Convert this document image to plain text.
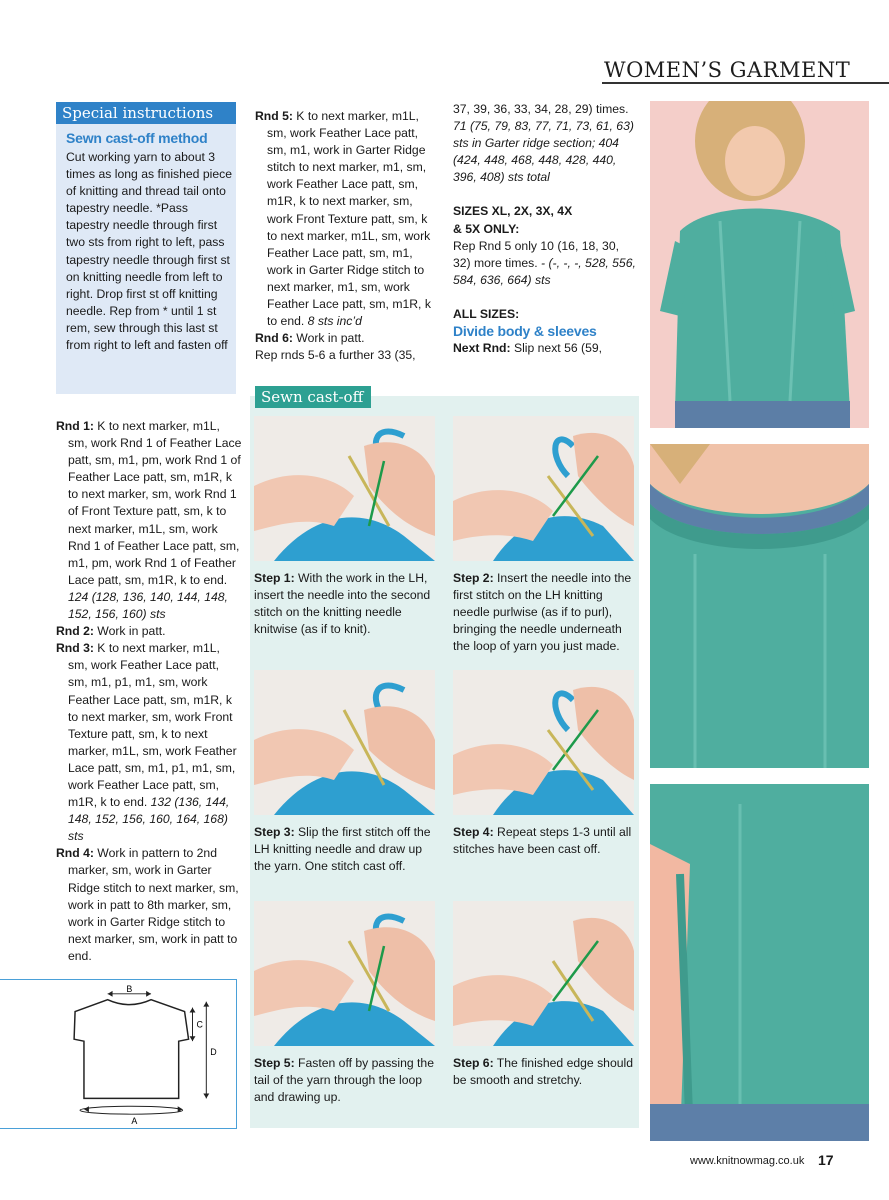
WOMEN’S GARMENT
Special instructions
Sewn cast-off method
Cut working yarn to about 3 times as long as finished piece of knitting and thread tail onto tapestry needle. *Pass tapestry needle through first two sts from right to left, pass tapestry needle through first st on knitting needle from left to right. Drop first st off knitting needle. Rep from * until 1 st rem, sew through this last st from right to left and fasten off

Rnd 1: K to next marker, m1L, sm, work Rnd 1 of Feather Lace patt, sm, m1, pm, work Rnd 1 of Feather Lace patt, sm, m1R, k to next marker, sm, work Rnd 1 of Front Texture patt, sm, k to next marker, m1L, sm, work Rnd 1 of Feather Lace patt, sm, m1, pm, work Rnd 1 of Feather Lace patt, sm, m1R, k to end. 124 (128, 136, 140, 144, 148, 152, 156, 160) sts

Rnd 2: Work in patt.

Rnd 3: K to next marker, m1L, sm, work Feather Lace patt, sm, m1, p1, m1, sm, work Feather Lace patt, sm, m1R, k to next marker, sm, work Front Texture patt, sm, k to next marker, m1L, sm, work Feather Lace patt, sm, m1, p1, m1, sm, work Feather Lace patt, sm, m1R, k to end. 132 (136, 144, 148, 152, 156, 160, 164, 168) sts

Rnd 4: Work in pattern to 2nd marker, sm, work in Garter Ridge stitch to next marker, sm, work in patt to 8th marker, sm, work in Garter Ridge stitch to next marker, sm, work in patt to end.

Rnd 5: K to next marker, m1L, sm, work Feather Lace patt, sm, m1, work in Garter Ridge stitch to next marker, m1, sm, work Feather Lace patt, sm, m1R, k to next marker, sm, work Front Texture patt, sm, k to next marker, m1L, sm, work Feather Lace patt, sm, m1, work in Garter Ridge stitch to next marker, m1, sm, work Feather Lace patt, sm, m1R, k to end. 8 sts inc’d

Rnd 6: Work in patt.

Rep rnds 5-6 a further 33 (35,

37, 39, 36, 33, 34, 28, 29) times. 71 (75, 79, 83, 77, 71, 73, 61, 63) sts in Garter ridge section; 404 (424, 448, 468, 448, 428, 440, 396, 408) sts total

SIZES XL, 2X, 3X, 4X & 5X ONLY:

Rep Rnd 5 only 10 (16, 18, 30, 32) more times. - (-, -, -, 528, 556, 584, 636, 664) sts

ALL SIZES:

Divide body & sleeves

Next Rnd: Slip next 56 (59,

Sewn cast-off
Step 1: With the work in the LH, insert the needle into the second stitch on the knitting needle knitwise (as if to knit).
Step 2: Insert the needle into the first stitch on the LH knitting needle purlwise (as if to purl), bringing the needle underneath the loop of yarn you just made.
Step 3: Slip the first stitch off the LH knitting needle and draw up the yarn. One stitch cast off.
Step 4: Repeat steps 1-3 until all stitches have been cast off.
Step 5: Fasten off by passing the tail of the yarn through the loop and drawing up.
Step 6: The finished edge should be smooth and stretchy.
B
C
D
A
www.knitnowmag.co.uk 17
